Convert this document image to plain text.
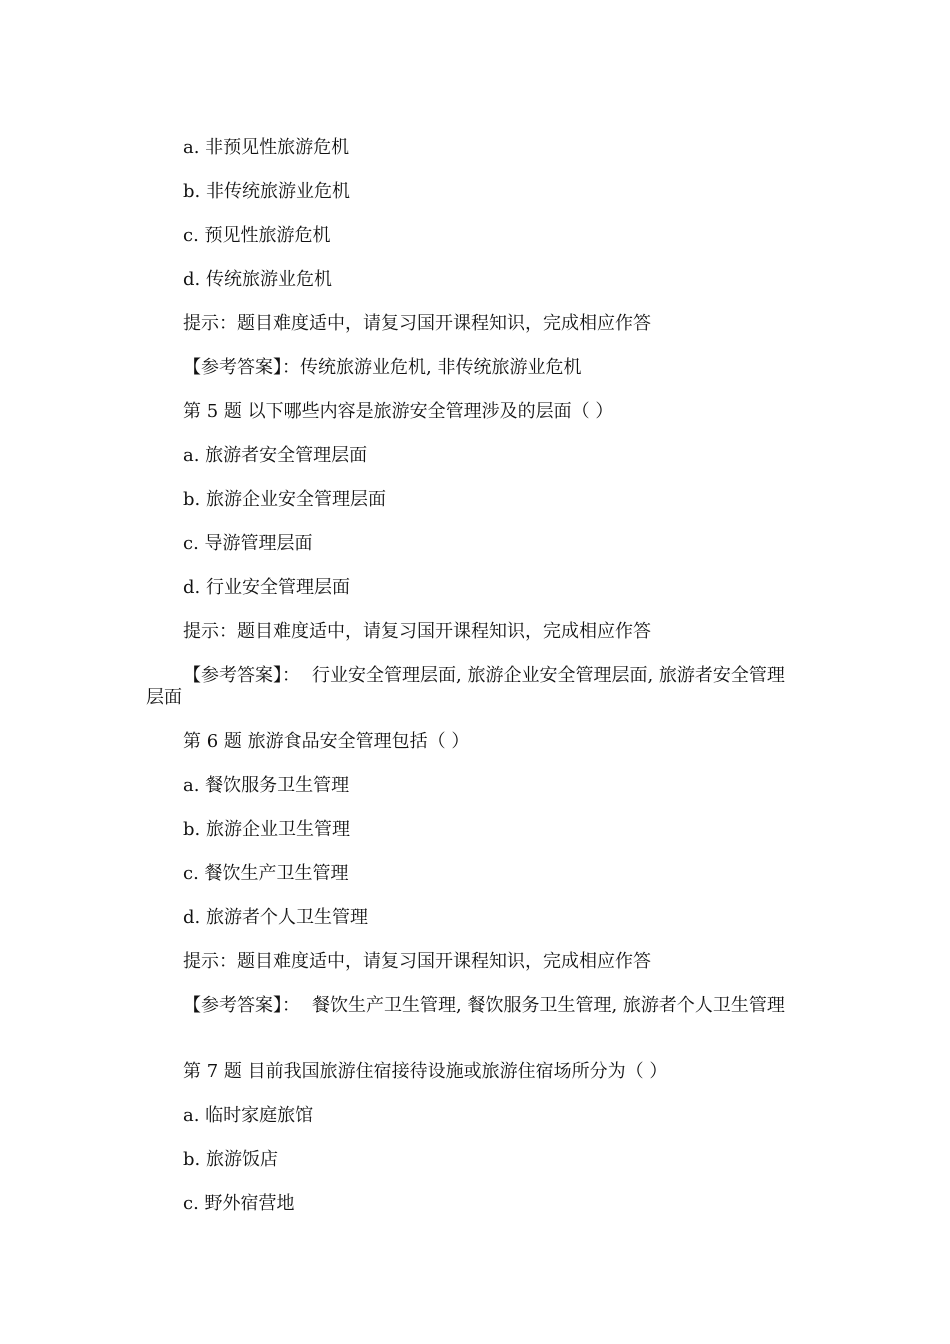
a. 非预见性旅游危机

b. 非传统旅游业危机

c. 预见性旅游危机

d. 传统旅游业危机

提示：题目难度适中，请复习国开课程知识，完成相应作答

【参考答案】：传统旅游业危机, 非传统旅游业危机

第 5 题 以下哪些内容是旅游安全管理涉及的层面（ ）

a. 旅游者安全管理层面

b. 旅游企业安全管理层面

c. 导游管理层面

d. 行业安全管理层面

提示：题目难度适中，请复习国开课程知识，完成相应作答

【参考答案】： 行业安全管理层面, 旅游企业安全管理层面, 旅游者安全管理层面

第 6 题 旅游食品安全管理包括（ ）

a. 餐饮服务卫生管理

b. 旅游企业卫生管理

c. 餐饮生产卫生管理

d. 旅游者个人卫生管理

提示：题目难度适中，请复习国开课程知识，完成相应作答

【参考答案】： 餐饮生产卫生管理, 餐饮服务卫生管理, 旅游者个人卫生管理

第 7 题 目前我国旅游住宿接待设施或旅游住宿场所分为（ ）

a. 临时家庭旅馆

b. 旅游饭店

c. 野外宿营地
